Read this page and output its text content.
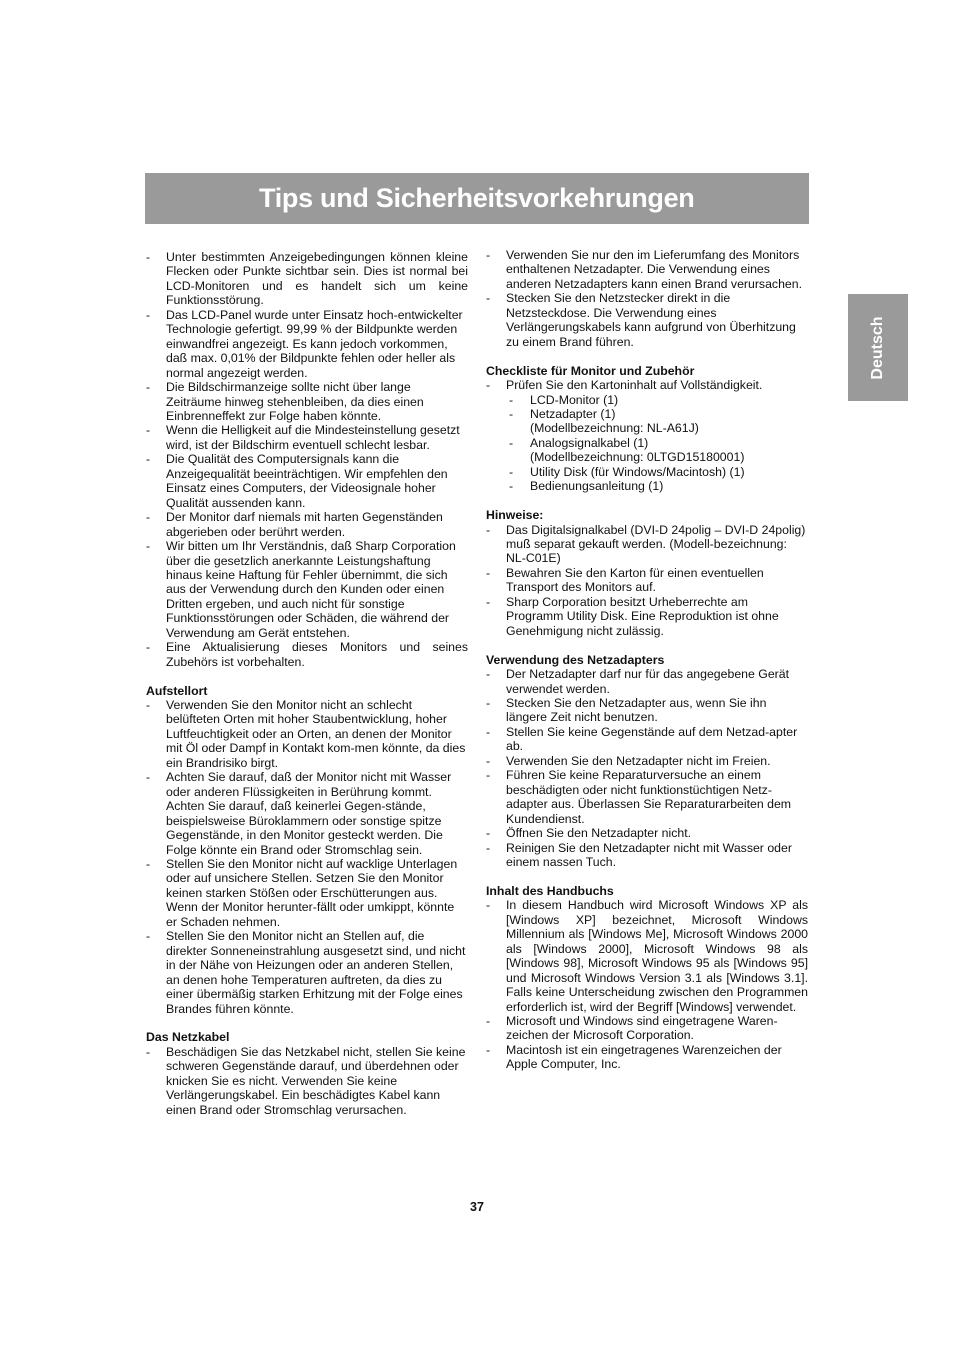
Tips und Sicherheitsvorkehrungen
Deutsch
- Unter bestimmten Anzeigebedingungen können kleine Flecken oder Punkte sichtbar sein. Dies ist normal bei LCD-Monitoren und es handelt sich um keine Funktionsstörung.
- Das LCD-Panel wurde unter Einsatz hoch-entwickelter Technologie gefertigt. 99,99 % der Bildpunkte werden einwandfrei angezeigt. Es kann jedoch vorkommen, daß max. 0,01% der Bildpunkte fehlen oder heller als normal angezeigt werden.
- Die Bildschirmanzeige sollte nicht über lange Zeiträume hinweg stehenbleiben, da dies einen Einbrenneffekt zur Folge haben könnte.
- Wenn die Helligkeit auf die Mindesteinstellung gesetzt wird, ist der Bildschirm eventuell schlecht lesbar.
- Die Qualität des Computersignals kann die Anzeigequalität beeinträchtigen. Wir empfehlen den Einsatz eines Computers, der Videosignale hoher Qualität aussenden kann.
- Der Monitor darf niemals mit harten Gegenständen abgerieben oder berührt werden.
- Wir bitten um Ihr Verständnis, daß Sharp Corporation über die gesetzlich anerkannte Leistungshaftung hinaus keine Haftung für Fehler übernimmt, die sich aus der Verwendung durch den Kunden oder einen Dritten ergeben, und auch nicht für sonstige Funktionsstörungen oder Schäden, die während der Verwendung am Gerät entstehen.
- Eine Aktualisierung dieses Monitors und seines Zubehörs ist vorbehalten.

Aufstellort

- Verwenden Sie den Monitor nicht an schlecht belüfteten Orten mit hoher Staubentwicklung, hoher Luftfeuchtigkeit oder an Orten, an denen der Monitor mit Öl oder Dampf in Kontakt kom-men könnte, da dies ein Brandrisiko birgt.
- Achten Sie darauf, daß der Monitor nicht mit Wasser oder anderen Flüssigkeiten in Berührung kommt. Achten Sie darauf, daß keinerlei Gegen-stände, beispielsweise Büroklammern oder sonstige spitze Gegenstände, in den Monitor gesteckt werden. Die Folge könnte ein Brand oder Stromschlag sein.
- Stellen Sie den Monitor nicht auf wacklige Unterlagen oder auf unsichere Stellen. Setzen Sie den Monitor keinen starken Stößen oder Erschütterungen aus. Wenn der Monitor herunter-fällt oder umkippt, könnte er Schaden nehmen.
- Stellen Sie den Monitor nicht an Stellen auf, die direkter Sonneneinstrahlung ausgesetzt sind, und nicht in der Nähe von Heizungen oder an anderen Stellen, an denen hohe Temperaturen auftreten, da dies zu einer übermäßig starken Erhitzung mit der Folge eines Brandes führen könnte.

Das Netzkabel

- Beschädigen Sie das Netzkabel nicht, stellen Sie keine schweren Gegenstände darauf, und überdehnen oder knicken Sie es nicht. Verwenden Sie keine Verlängerungskabel. Ein beschädigtes Kabel kann einen Brand oder Stromschlag verursachen.
- Verwenden Sie nur den im Lieferumfang des Monitors enthaltenen Netzadapter. Die Verwendung eines anderen Netzadapters kann einen Brand verursachen.
- Stecken Sie den Netzstecker direkt in die Netzsteckdose. Die Verwendung eines Verlängerungskabels kann aufgrund von Überhitzung zu einem Brand führen.

Checkliste für Monitor und Zubehör

- Prüfen Sie den Kartoninhalt auf Vollständigkeit.
- LCD-Monitor (1)
- Netzadapter (1)
(Modellbezeichnung: NL-A61J)
- Analogsignalkabel (1)
(Modellbezeichnung: 0LTGD15180001)
- Utility Disk (für Windows/Macintosh) (1)
- Bedienungsanleitung (1)

Hinweise:

- Das Digitalsignalkabel (DVI-D 24polig – DVI-D 24polig) muß separat gekauft werden. (Modell-bezeichnung: NL-C01E)
- Bewahren Sie den Karton für einen eventuellen Transport des Monitors auf.
- Sharp Corporation besitzt Urheberrechte am Programm Utility Disk. Eine Reproduktion ist ohne Genehmigung nicht zulässig.

Verwendung des Netzadapters

- Der Netzadapter darf nur für das angegebene Gerät verwendet werden.
- Stecken Sie den Netzadapter aus, wenn Sie ihn längere Zeit nicht benutzen.
- Stellen Sie keine Gegenstände auf dem Netzad-apter ab.
- Verwenden Sie den Netzadapter nicht im Freien.
- Führen Sie keine Reparaturversuche an einem beschädigten oder nicht funktionstüchtigen Netz-adapter aus. Überlassen Sie Reparaturarbeiten dem Kundendienst.
- Öffnen Sie den Netzadapter nicht.
- Reinigen Sie den Netzadapter nicht mit Wasser oder einem nassen Tuch.

Inhalt des Handbuchs

- In diesem Handbuch wird Microsoft Windows XP als [Windows XP] bezeichnet, Microsoft Windows Millennium als [Windows Me], Microsoft Windows 2000 als [Windows 2000], Microsoft Windows 98 als [Windows 98], Microsoft Windows 95 als [Windows 95] und Microsoft Windows Version 3.1 als [Windows 3.1]. Falls keine Unterscheidung zwischen den Programmen erforderlich ist, wird der Begriff [Windows] verwendet.
- Microsoft und Windows sind eingetragene Waren-zeichen der Microsoft Corporation.
- Macintosh ist ein eingetragenes Warenzeichen der Apple Computer, Inc.
37
